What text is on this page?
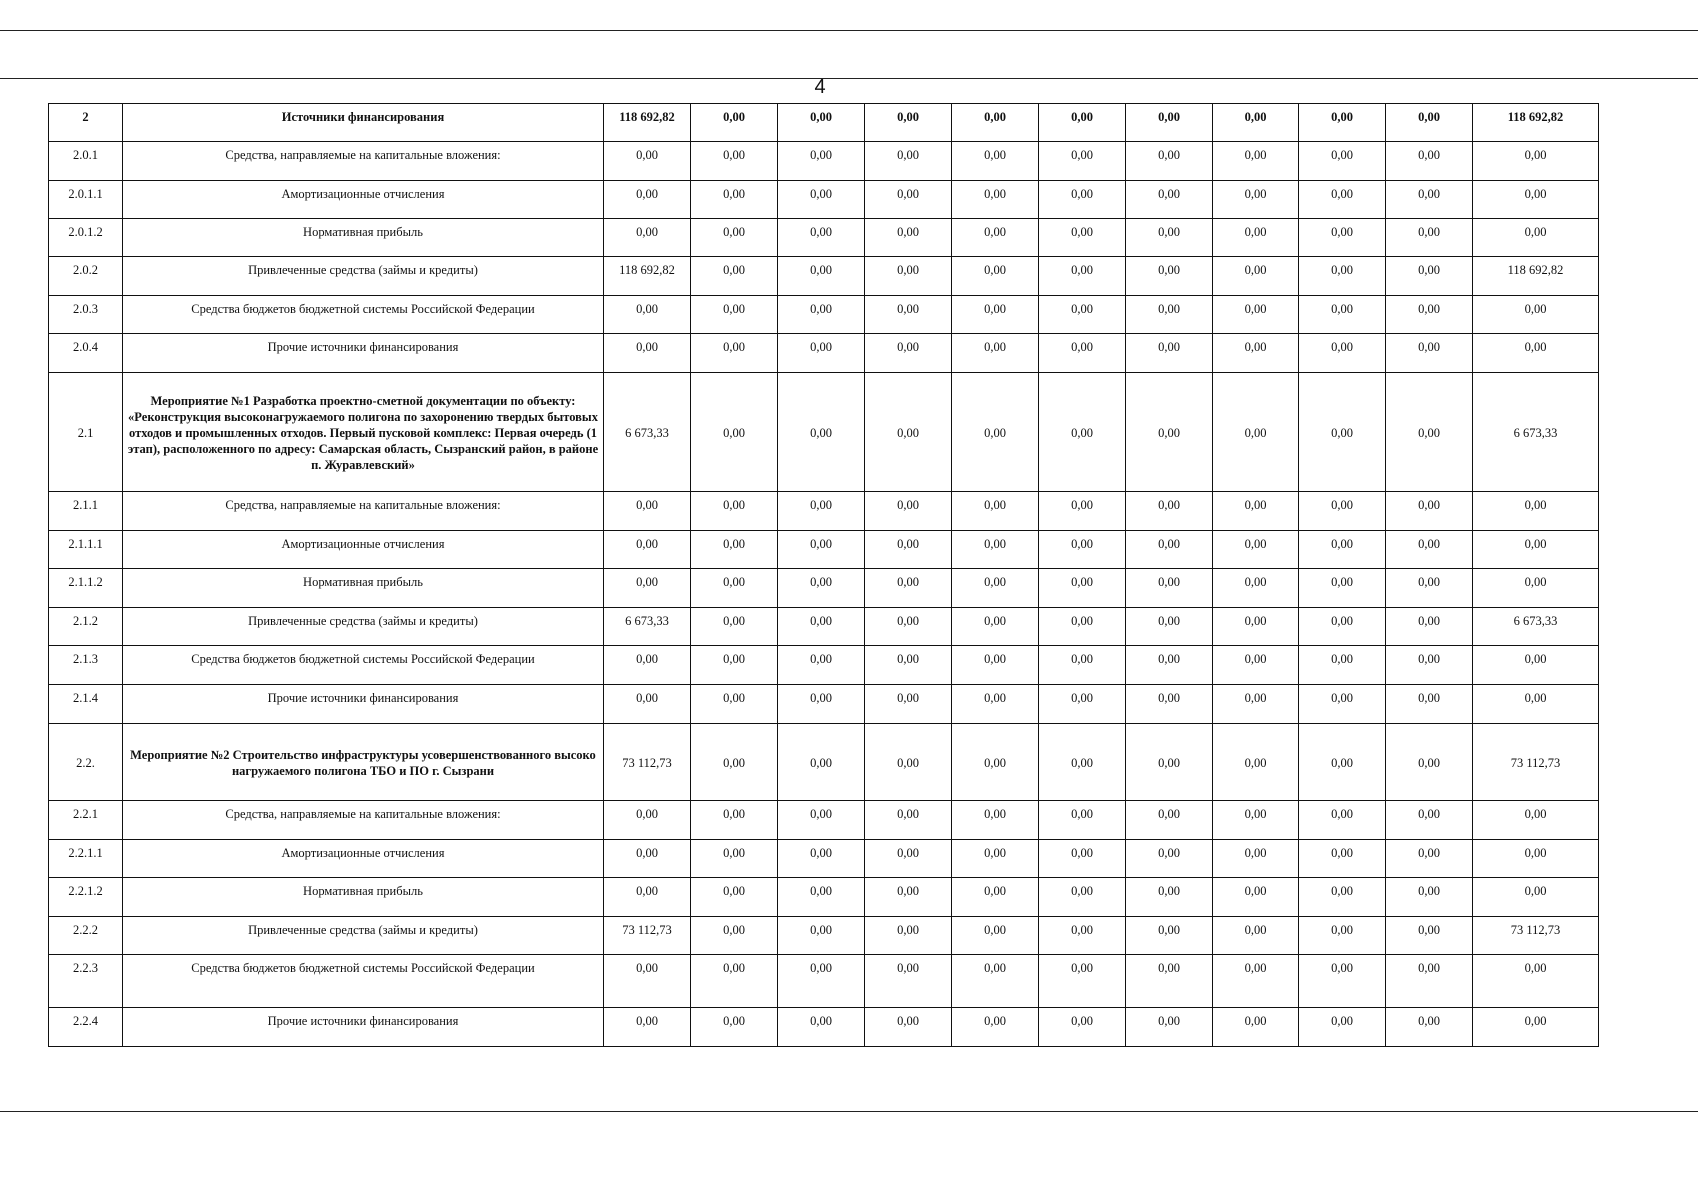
4
2	Источники финансирования	118 692,82	0,00	0,00	0,00	0,00	0,00	0,00	0,00	0,00	0,00	118 692,82
2.0.1	Средства, направляемые на капитальные вложения:	0,00	0,00	0,00	0,00	0,00	0,00	0,00	0,00	0,00	0,00	0,00
2.0.1.1	Амортизационные отчисления	0,00	0,00	0,00	0,00	0,00	0,00	0,00	0,00	0,00	0,00	0,00
2.0.1.2	Нормативная прибыль	0,00	0,00	0,00	0,00	0,00	0,00	0,00	0,00	0,00	0,00	0,00
2.0.2	Привлеченные средства (займы и кредиты)	118 692,82	0,00	0,00	0,00	0,00	0,00	0,00	0,00	0,00	0,00	118 692,82
2.0.3	Средства бюджетов бюджетной системы Российской Федерации	0,00	0,00	0,00	0,00	0,00	0,00	0,00	0,00	0,00	0,00	0,00
2.0.4	Прочие источники финансирования	0,00	0,00	0,00	0,00	0,00	0,00	0,00	0,00	0,00	0,00	0,00
2.1	Мероприятие №1 Разработка проектно-сметной документации по объекту: «Реконструкция высоконагружаемого полигона по захоронению твердых бытовых отходов и промышленных отходов. Первый пусковой комплекс: Первая очередь (1 этап), расположенного по адресу: Самарская область, Сызранский район, в районе п. Журавлевский»	6 673,33	0,00	0,00	0,00	0,00	0,00	0,00	0,00	0,00	0,00	6 673,33
2.1.1	Средства, направляемые на капитальные вложения:	0,00	0,00	0,00	0,00	0,00	0,00	0,00	0,00	0,00	0,00	0,00
2.1.1.1	Амортизационные отчисления	0,00	0,00	0,00	0,00	0,00	0,00	0,00	0,00	0,00	0,00	0,00
2.1.1.2	Нормативная прибыль	0,00	0,00	0,00	0,00	0,00	0,00	0,00	0,00	0,00	0,00	0,00
2.1.2	Привлеченные средства (займы и кредиты)	6 673,33	0,00	0,00	0,00	0,00	0,00	0,00	0,00	0,00	0,00	6 673,33
2.1.3	Средства бюджетов бюджетной системы Российской Федерации	0,00	0,00	0,00	0,00	0,00	0,00	0,00	0,00	0,00	0,00	0,00
2.1.4	Прочие источники финансирования	0,00	0,00	0,00	0,00	0,00	0,00	0,00	0,00	0,00	0,00	0,00
2.2.	Мероприятие №2 Строительство инфраструктуры усовершенствованного высоко нагружаемого полигона ТБО и ПО г. Сызрани	73 112,73	0,00	0,00	0,00	0,00	0,00	0,00	0,00	0,00	0,00	73 112,73
2.2.1	Средства, направляемые на капитальные вложения:	0,00	0,00	0,00	0,00	0,00	0,00	0,00	0,00	0,00	0,00	0,00
2.2.1.1	Амортизационные отчисления	0,00	0,00	0,00	0,00	0,00	0,00	0,00	0,00	0,00	0,00	0,00
2.2.1.2	Нормативная прибыль	0,00	0,00	0,00	0,00	0,00	0,00	0,00	0,00	0,00	0,00	0,00
2.2.2	Привлеченные средства (займы и кредиты)	73 112,73	0,00	0,00	0,00	0,00	0,00	0,00	0,00	0,00	0,00	73 112,73
2.2.3	Средства бюджетов бюджетной системы Российской Федерации	0,00	0,00	0,00	0,00	0,00	0,00	0,00	0,00	0,00	0,00	0,00
2.2.4	Прочие источники финансирования	0,00	0,00	0,00	0,00	0,00	0,00	0,00	0,00	0,00	0,00	0,00
